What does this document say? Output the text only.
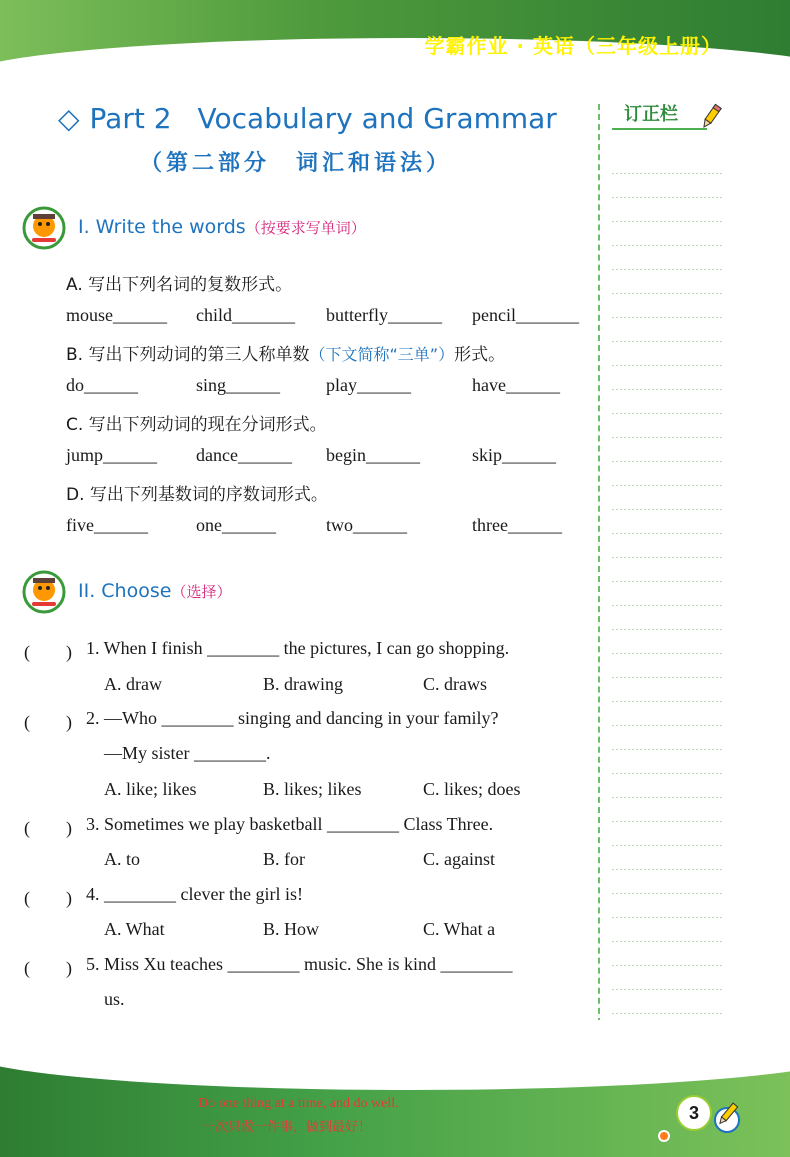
学霸作业 · 英语（三年级上册）
◇ Part 2 Vocabulary and Grammar
（第二部分　词汇和语法）
订正栏
I. Write the words（按要求写单词）
A. 写出下列名词的复数形式。
mouse______ child_______ butterfly______ pencil_______
B. 写出下列动词的第三人称单数（下文简称“三单”）形式。
do______	sing______	play______	have______
C. 写出下列动词的现在分词形式。
jump______ dance______ begin______	skip______
D. 写出下列基数词的序数词形式。
five______	one______	two______	three______
II. Choose（选择）
(　　) 1. When I finish ________ the pictures, I can go shopping.
A. draw	B. drawing	C. draws
(　　) 2. —Who ________ singing and dancing in your family?
—My sister ________.
A. like; likes	B. likes; likes	C. likes; does
(　　) 3. Sometimes we play basketball ________ Class Three.
A. to	B. for	C. against
(　　) 4. ________ clever the girl is!
A. What	B. How	C. What a
(　　) 5. Miss Xu teaches ________ music. She is kind ________
us.
Do one thing at a time, and do well.
一次只做一件事，做到最好！
3
